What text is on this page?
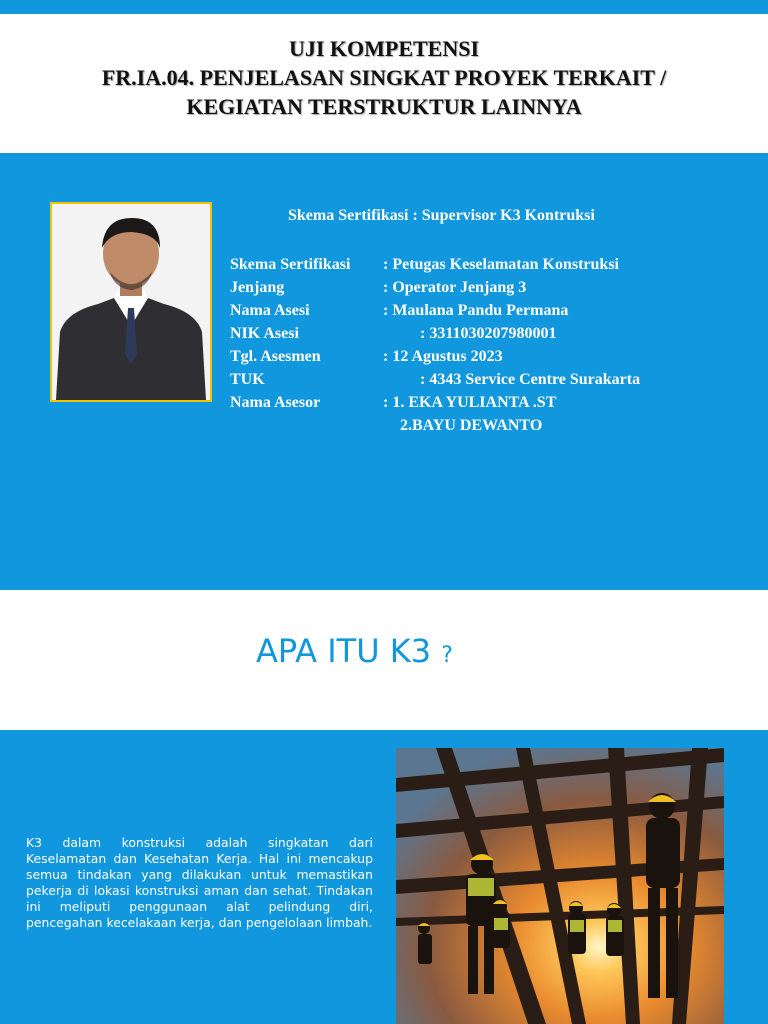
UJI KOMPETENSI
FR.IA.04. PENJELASAN SINGKAT PROYEK TERKAIT /
KEGIATAN TERSTRUKTUR LAINNYA
Skema Sertifikasi : Supervisor K3 Kontruksi
Skema Sertifikasi : Petugas Keselamatan Konstruksi
Jenjang	: Operator Jenjang 3
Nama Asesi	: Maulana Pandu Permana
NIK Asesi	: 3311030207980001
Tgl. Asesmen	: 12 Agustus 2023
TUK	: 4343 Service Centre Surakarta
Nama Asesor	: 1. EKA YULIANTA .ST
2.BAYU DEWANTO
APA ITU K3 ?
K3 dalam konstruksi adalah singkatan dari Keselamatan dan Kesehatan Kerja. Hal ini mencakup semua tindakan yang dilakukan untuk memastikan pekerja di lokasi konstruksi aman dan sehat. Tindakan ini meliputi penggunaan alat pelindung diri, pencegahan kecelakaan kerja, dan pengelolaan limbah.
